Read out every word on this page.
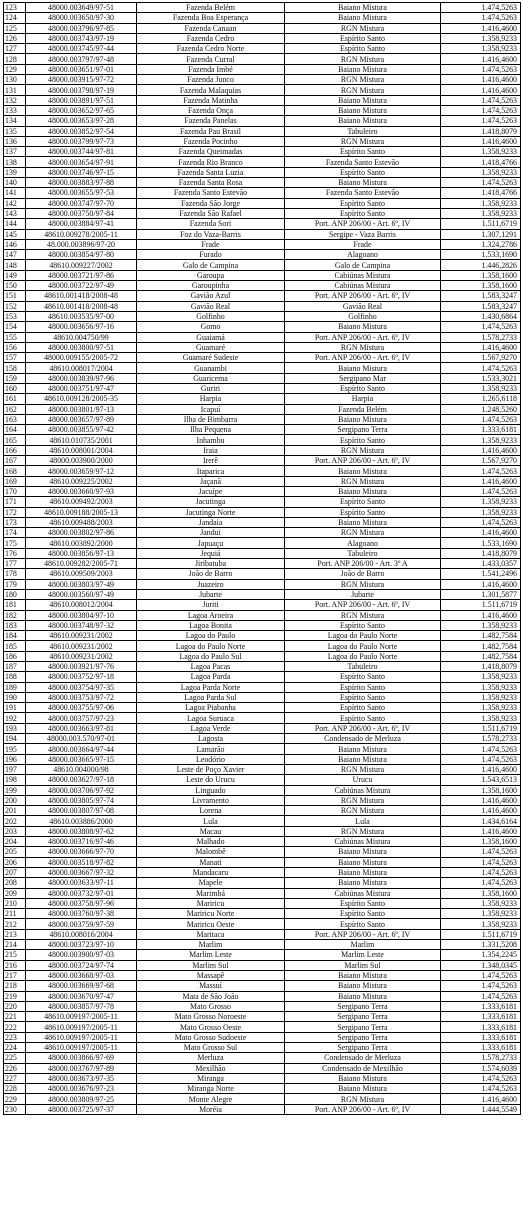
123	48000.003649/97-51	Fazenda Belém	Baiano Mistura	1.474,5263
124	48000.003650/97-30	Fazenda Boa Esperança	Baiano Mistura	1.474,5263
125	48000.003796/97-85	Fazenda Canaan	RGN Mistura	1.416,4600
126	48000.003743/97-19	Fazenda Cedro	Espírito Santo	1.358,9233
127	48000.003745/97-44	Fazenda Cedro Norte	Espírito Santo	1.358,9233
128	48000.003797/97-48	Fazenda Curral	RGN Mistura	1.416,4600
129	48000.003651/97-01	Fazenda Imbé	Baiano Mistura	1.474,5263
130	48000.003915/97-72	Fazenda Junco	RGN Mistura	1.416,4600
131	48000.003798/97-19	Fazenda Malaquias	RGN Mistura	1.416,4600
132	48000.003891/97-51	Fazenda Matinha	Baiano Mistura	1.474,5263
133	48000.003652/97-65	Fazenda Onça	Baiano Mistura	1.474,5263
134	48000.003653/97-28	Fazenda Panelas	Baiano Mistura	1.474,5263
135	48000.003852/97-54	Fazenda Pau Brasil	Tabuleiro	1.418,8079
136	48000.003799/97-73	Fazenda Pocinho	RGN Mistura	1.416,4600
137	48000.003744/97-81	Fazenda Queimadas	Espírito Santo	1.358,9233
138	48000.003654/97-91	Fazenda Rio Branco	Fazenda Santo Estevão	1.418,4766
139	48000.003746/97-15	Fazenda Santa Luzia	Espírito Santo	1.358,9233
140	48000.003883/97-88	Fazenda Santa Rosa	Baiano Mistura	1.474,5263
141	48000.003655/97-53	Fazenda Santo Estevão	Fazenda Santo Estevão	1.418,4766
142	48000.003747/97-70	Fazenda São Jorge	Espírito Santo	1.358,9233
143	48000.003750/97-84	Fazenda São Rafael	Espírito Santo	1.358,9233
144	48000.003884/97-41	Fazenda Sori	Port. ANP 206/00 - Art. 6º, IV	1.511,6719
145	48610.009278/2005-11	Foz do Vaza-Barris	Sergipe - Vaza Barris	1.307,1291
146	48.000.003896/97-20	Frade	Frade	1.324,2786
147	48000.003854/97-80	Furado	Alagoano	1.533,1690
148	48610.009227/2002	Galo de Campina	Galo de Campina	1.446,2826
149	48000.003721/97-86	Garoupa	Cabiúnas Mistura	1.358,1600
150	48000.003722/97-49	Garoupinha	Cabiúnas Mistura	1.358,1600
151	48610.001418/2008-48	Gavião Azul	Port. ANP 206/00 - Art. 6º, IV	1.583,3247
152	48610.001418/2008-48	Gavião Real	Gavião Real	1.583,3247
153	48610.003535/97-00	Golfinho	Golfinho	1.430,6864
154	48000.003656/97-16	Gomo	Baiano Mistura	1.474,5263
155	48610.004750/99	Guaiamá	Port. ANP 206/00 - Art. 6º, IV	1.578,2733
156	48000.003800/97-51	Guamaré	RGN Mistura	1.416,4600
157	48000.009155/2005-72	Guamaré Sudeste	Port. ANP 206/00 - Art. 6º, IV	1.567,9270
158	48610.008017/2004	Guanambi	Baiano Mistura	1.474,5263
159	48000.003839/97-96	Guaricema	Sergipano Mar	1.533,3021
160	48000.003751/97-47	Guriri	Espírito Santo	1.358,9233
161	48610.009128/2005-35	Harpia	Harpia	1.265,6118
162	48000.003801/97-13	Icapuí	Fazenda Belém	1.248,5260
163	48000.003657/97-89	Ilha de Bimbarra	Baiano Mistura	1.474,5263
164	48000.003855/97-42	Ilha Pequena	Sergipano Terra	1.333,6181
165	48610.010735/2001	Inhambu	Espírito Santo	1.358,9233
166	48610.008001/2004	Iraia	RGN Mistura	1.416,4600
167	48000.003900/2000	Irerê	Port. ANP 206/00 - Art. 6º, IV	1.567,9270
168	48000.003659/97-12	Itaparica	Baiano Mistura	1.474,5263
169	48610.009225/2002	Jaçanã	RGN Mistura	1.416,4600
170	48000.003660/97-93	Jacuípe	Baiano Mistura	1.474,5263
171	48610.009492/2003	Jacutinga	Espírito Santo	1.358,9233
172	48610.009188/2005-13	Jacutinga Norte	Espírito Santo	1.358,9233
173	48610.009488/2003	Jandaia	Baiano Mistura	1.474,5263
174	48000.003802/97-86	Jandui	RGN Mistura	1.416,4600
175	48610.003892/2000	Japuaçu	Alagoano	1.533,1690
176	48000.003856/97-13	Jequiá	Tabuleiro	1.418,8079
177	48610.009282/2005-71	Jiribatuba	Port. ANP 206/00 - Art. 3º A	1.433,0357
178	48610.009509/2003	João de Barro	João de Barro	1.541,2496
179	48000.003803/97-49	Juazeiro	RGN Mistura	1.416,4600
180	48000.003560/97-49	Jubarte	Jubarte	1.301,5877
181	48610.008012/2004	Juriti	Port. ANP 206/00 - Art. 6º, IV	1.511,6719
182	48000.003804/97-10	Lagoa Aroeira	RGN Mistura	1.416,4600
183	48000.003748/97-32	Lagoa Bonita	Espírito Santo	1.358,9233
184	48610.009231/2002	Lagoa do Paulo	Lagoa do Paulo Norte	1.482,7584
185	48610.009231/2002	Lagoa do Paulo Norte	Lagoa do Paulo Norte	1.482,7584
186	48610.009231/2002	Lagoa do Paulo Sul	Lagoa do Paulo Norte	1.482,7584
187	48000.003921/97-76	Lagoa Pacas	Tabuleiro	1.418,8079
188	48000.003752/97-18	Lagoa Parda	Espírito Santo	1.358,9233
189	48000.003754/97-35	Lagoa Parda Norte	Espírito Santo	1.358,9233
190	48000.003753/97-72	Lagoa Parda Sul	Espírito Santo	1.358,9233
191	48000.003755/97-06	Lagoa Piabanha	Espírito Santo	1.358,9233
192	48000.003757/97-23	Lagoa Suruaca	Espírito Santo	1.358,9233
193	48000.003663/97-81	Lagoa Verde	Port. ANP 206/00 - Art. 6º, IV	1.511,6719
194	48000.003.570/97-01	Lagosta	Condensado de Merluza	1.578,2733
195	48000.003664/97-44	Lamarão	Baiano Mistura	1.474,5263
196	48000.003665/97-15	Leodório	Baiano Mistura	1.474,5263
197	48610.004000/98	Leste de Poço Xavier	RGN Mistura	1.416,4600
198	48000.003627/97-18	Leste do Urucu	Urucu	1.543,6513
199	48000.003706/97-92	Linguado	Cabiúnas Mistura	1.358,1600
200	48000.003805/97-74	Livramento	RGN Mistura	1.416,4600
201	48000.003807/97-08	Lorena	RGN Mistura	1.416,4600
202	48610.003886/2000	Lula	Lula	1.434,6164
203	48000.003808/97-62	Macau	RGN Mistura	1.416,4600
204	48000.003716/97-46	Malhado	Cabiúnas Mistura	1.358,1600
205	48000.003666/97-70	Malombê	Baiano Mistura	1.474,5263
206	48000.003518/97-82	Manati	Baiano Mistura	1.474,5263
207	48000.003667/97-32	Mandacaru	Baiano Mistura	1.474,5263
208	48000.003633/97-11	Mapele	Baiano Mistura	1.474,5263
209	48000.003732/97-01	Marimbá	Cabiúnas Mistura	1.358,1600
210	48000.003758/97-96	Mariricu	Espírito Santo	1.358,9233
211	48000.003760/97-38	Mariricu Norte	Espírito Santo	1.358,9233
212	48000.003759/97-59	Mariricu Oeste	Espírito Santo	1.358,9233
213	48610.008016/2004	Maritaca	Port. ANP 206/00 - Art. 6º, IV	1.511,6719
214	48000.003723/97-10	Marlim	Marlim	1.331,5208
215	48000.003900/97-03	Marlim Leste	Marlim Leste	1.354,2245
216	48000.003724/97-74	Marlim Sul	Marlim Sul	1.348,0345
217	48000.003668/97-03	Massapê	Baiano Mistura	1.474,5263
218	48000.003669/97-68	Massuí	Baiano Mistura	1.474,5263
219	48000.003670/97-47	Mata de São João	Baiano Mistura	1.474,5263
220	48000.003857/97-78	Mato Grosso	Sergipano Terra	1.333,6181
221	48610.009197/2005-11	Mato Grosso Noroeste	Sergipano Terra	1.333,6181
222	48610.009197/2005-11	Mato Grosso Oeste	Sergipano Terra	1.333,6181
223	48610.009197/2005-11	Mato Grosso Sudoeste	Sergipano Terra	1.333,6181
224	48610.009197/2005-11	Mato Grosso Sul	Sergipano Terra	1.333,6181
225	48000.003866/97-69	Merluza	Condensado de Merluza	1.578,2733
226	48000.003767/97-89	Mexilhão	Condensado de Mexilhão	1.574,6039
227	48000.003673/97-35	Miranga	Baiano Mistura	1.474,5263
228	48000.003676/97-23	Miranga Norte	Baiano Mistura	1.474,5263
229	48000.003809/97-25	Monte Alegre	RGN Mistura	1.416,4600
230	48000.003725/97-37	Moréia	Port. ANP 206/00 - Art. 6º, IV	1.444,5549
